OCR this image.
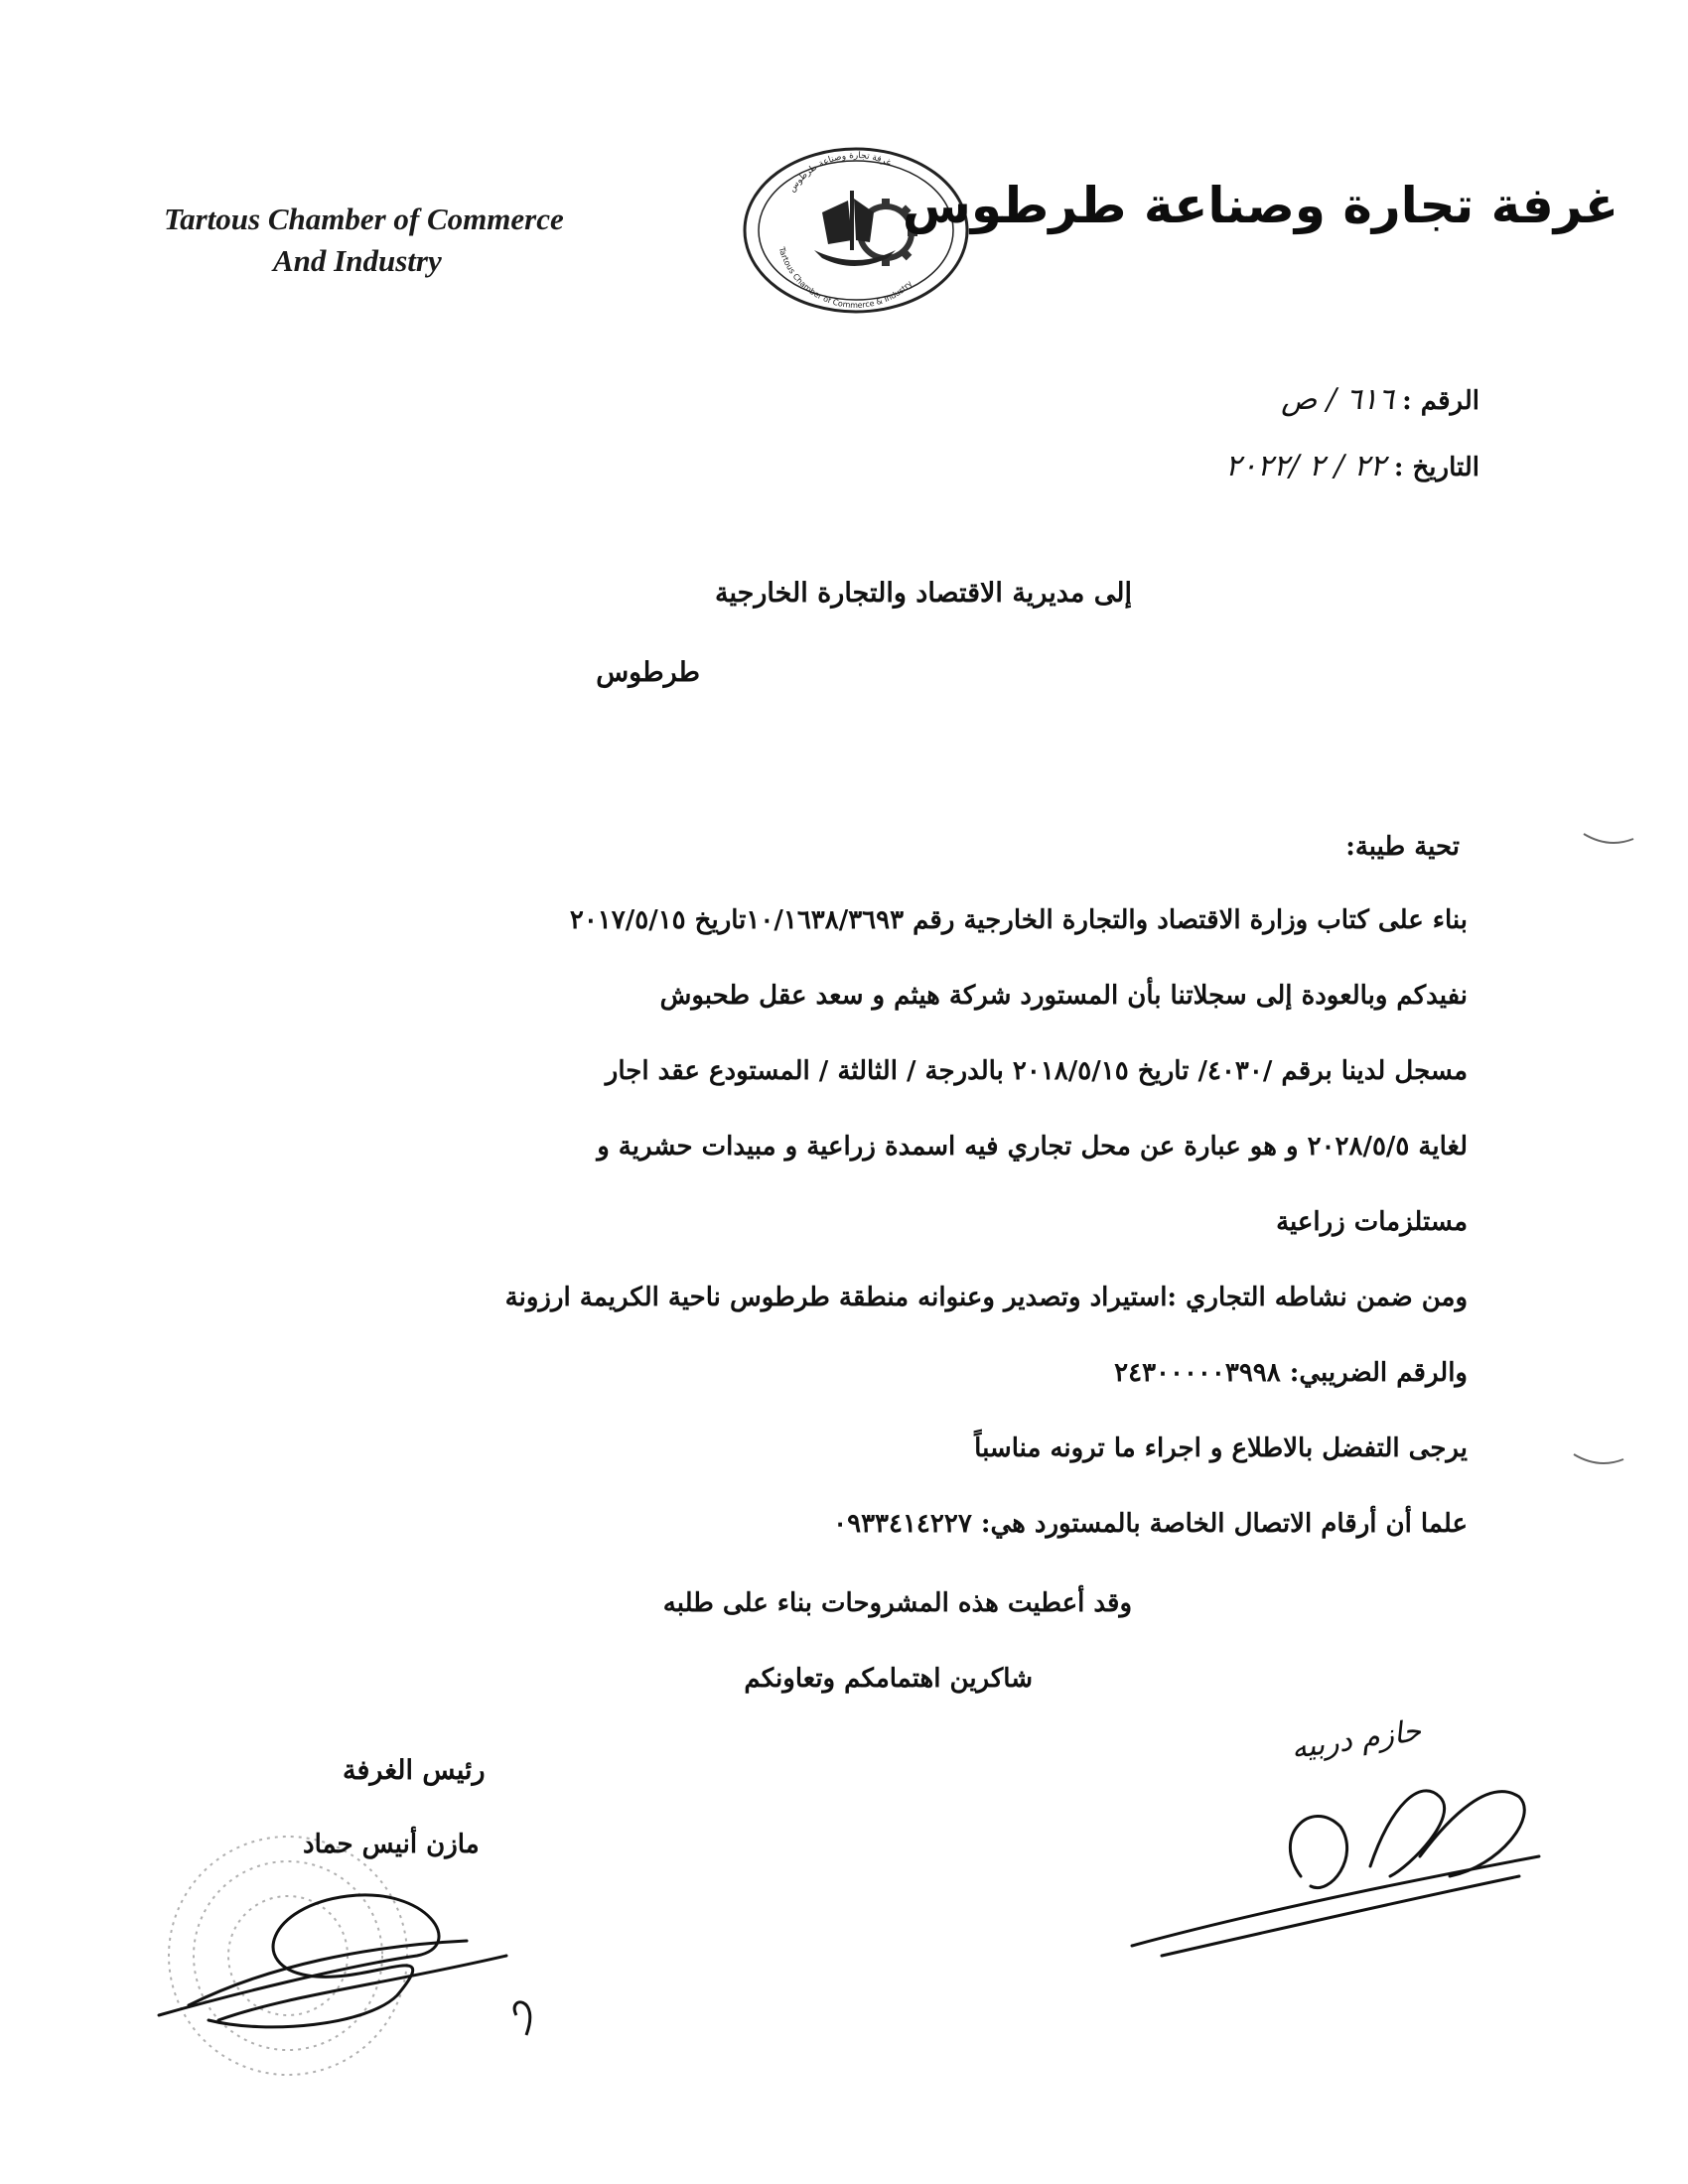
Tartous Chamber of Commerce
And Industry
غرفة تجارة وصناعة طرطوس
Tartous Chamber of Commerce & Industry
غرفة تجارة وصناعة طرطوس
الرقم : ٦١٦ / ص
التاريخ : ٢٢ / ٢ /٢٠٢٢
إلى مديرية الاقتصاد والتجارة الخارجية
طرطوس
تحية طيبة:
بناء على كتاب وزارة الاقتصاد والتجارة الخارجية رقم ١٠/١٦٣٨/٣٦٩٣تاريخ ٢٠١٧/٥/١٥
نفيدكم وبالعودة إلى سجلاتنا بأن المستورد شركة هيثم و سعد عقل طحبوش
مسجل لدينا برقم /٤٠٣٠/ تاريخ ٢٠١٨/٥/١٥ بالدرجة / الثالثة / المستودع عقد اجار
لغاية ٢٠٢٨/٥/٥ و هو عبارة عن محل تجاري فيه اسمدة زراعية و مبيدات حشرية و
مستلزمات زراعية
ومن ضمن نشاطه التجاري :استيراد وتصدير وعنوانه منطقة طرطوس ناحية الكريمة ارزونة
والرقم الضريبي: ٢٤٣٠٠٠٠٠٣٩٩٨
يرجى التفضل بالاطلاع و اجراء ما ترونه مناسباً
علما أن أرقام الاتصال الخاصة بالمستورد هي: ٠٩٣٣٤١٤٢٢٧
وقد أعطيت هذه المشروحات بناء على طلبه
شاكرين اهتمامكم وتعاونكم
رئيس الغرفة
مازن أنيس حماد
حازم دربيه
